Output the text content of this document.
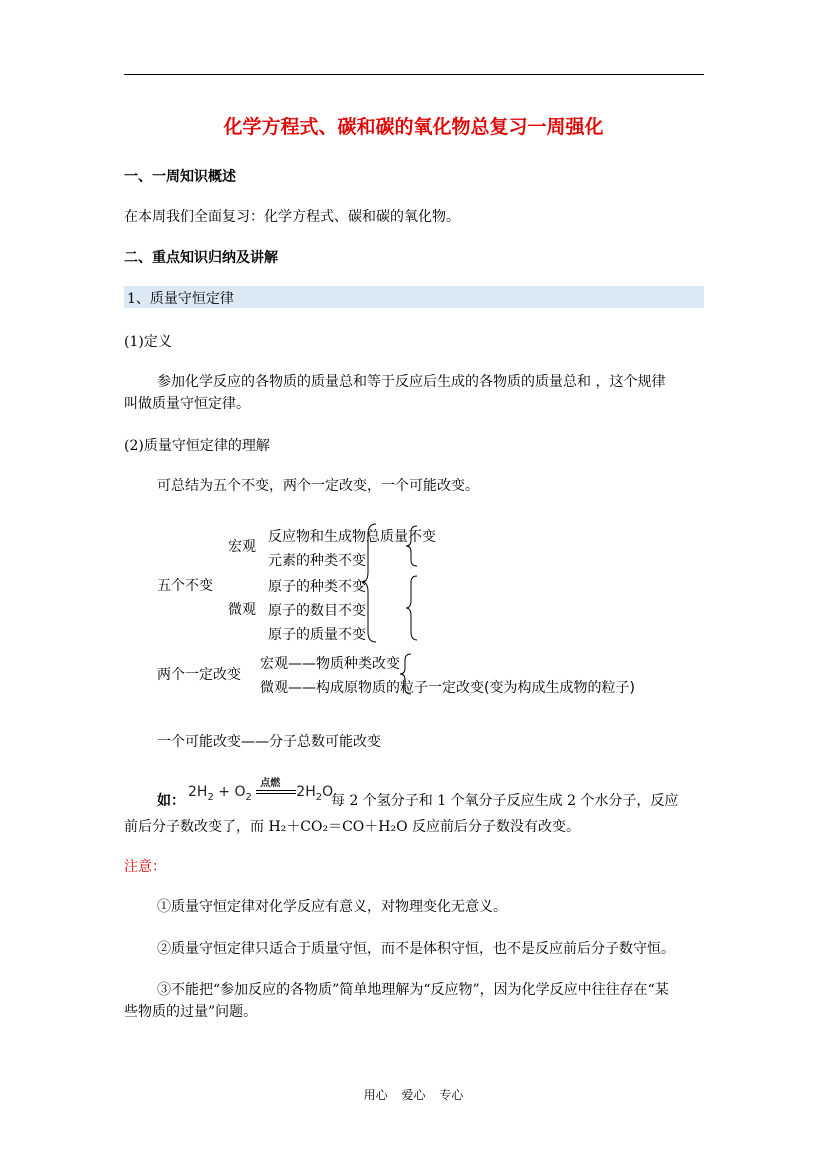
化学方程式、碳和碳的氧化物总复习一周强化
一、一周知识概述
在本周我们全面复习：化学方程式、碳和碳的氧化物。
二、重点知识归纳及讲解
1、质量守恒定律
(1)定义
参加化学反应的各物质的质量总和等于反应后生成的各物质的质量总和 ，这个规律
叫做质量守恒定律。
(2)质量守恒定律的理解
可总结为五个不变，两个一定改变，一个可能改变。
五个不变
宏观
微观
反应物和生成物总质量不变
元素的种类不变
原子的种类不变
原子的数目不变
原子的质量不变
两个一定改变
宏观——物质种类改变
微观——构成原物质的粒子一定改变(变为构成生成物的粒子)
一个可能改变——分子总数可能改变
如：
$2H_2 + O_2$
点燃
$2H_2O$
每 2 个氢分子和 1 个氧分子反应生成 2 个水分子，反应
前后分子数改变了，而 H₂＋CO₂＝CO＋H₂O 反应前后分子数没有改变。
注意：
①质量守恒定律对化学反应有意义，对物理变化无意义。
②质量守恒定律只适合于质量守恒，而不是体积守恒，也不是反应前后分子数守恒。
③不能把“参加反应的各物质”简单地理解为“反应物”，因为化学反应中往往存在“某
些物质的过量”问题。
用心 爱心 专心
